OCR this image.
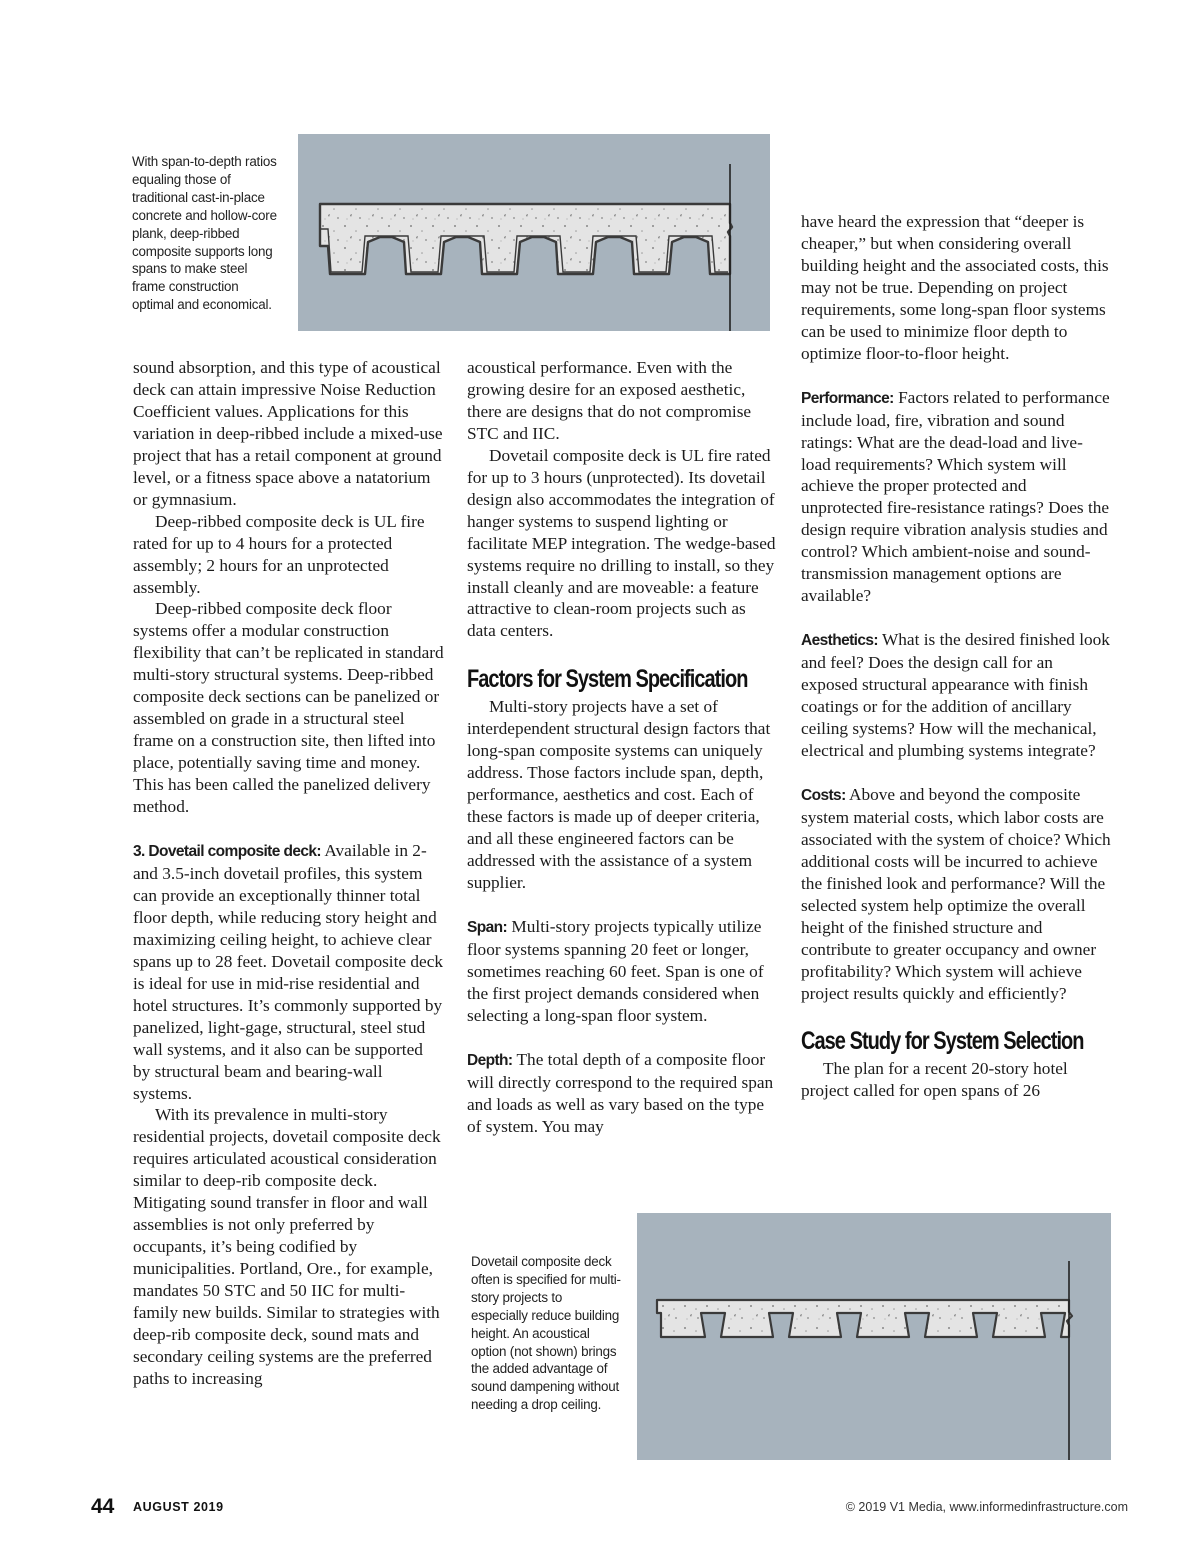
With span-to-depth ratios equaling those of traditional cast-in-place concrete and hollow-core plank, deep-ribbed composite supports long spans to make steel frame construction optimal and economical.

sound absorption, and this type of acoustical deck can attain impressive Noise Reduction Coefficient values. Applications for this variation in deep-ribbed include a mixed-use project that has a retail component at ground level, or a fitness space above a natatorium or gymnasium.

Deep-ribbed composite deck is UL fire rated for up to 4 hours for a protected assembly; 2 hours for an unprotected assembly.

Deep-ribbed composite deck floor systems offer a modular construction flexibility that can’t be replicated in standard multi-story structural systems. Deep-ribbed composite deck sections can be panelized or assembled on grade in a structural steel frame on a construction site, then lifted into place, potentially saving time and money. This has been called the panelized delivery method.

3. Dovetail composite deck: Available in 2- and 3.5-inch dovetail profiles, this system can provide an exceptionally thinner total floor depth, while reducing story height and maximizing ceiling height, to achieve clear spans up to 28 feet. Dovetail composite deck is ideal for use in mid-rise residential and hotel structures. It’s commonly supported by panelized, light-gage, structural, steel stud wall systems, and it also can be supported by structural beam and bearing-wall systems.

With its prevalence in multi-story residential projects, dovetail composite deck requires articulated acoustical consideration similar to deep-rib composite deck. Mitigating sound transfer in floor and wall assemblies is not only preferred by occupants, it’s being codified by municipalities. Portland, Ore., for example, mandates 50 STC and 50 IIC for multi-family new builds. Similar to strategies with deep-rib composite deck, sound mats and secondary ceiling systems are the preferred paths to increasing

acoustical performance. Even with the growing desire for an exposed aesthetic, there are designs that do not compromise STC and IIC.

Dovetail composite deck is UL fire rated for up to 3 hours (unprotected). Its dovetail design also accommodates the integration of hanger systems to suspend lighting or facilitate MEP integration. The wedge-based systems require no drilling to install, so they install cleanly and are moveable: a feature attractive to clean-room projects such as data centers.

Factors for System Specification

Multi-story projects have a set of interdependent structural design factors that long-span composite systems can uniquely address. Those factors include span, depth, performance, aesthetics and cost. Each of these factors is made up of deeper criteria, and all these engineered factors can be addressed with the assistance of a system supplier.

Span: Multi-story projects typically utilize floor systems spanning 20 feet or longer, sometimes reaching 60 feet. Span is one of the first project demands considered when selecting a long-span floor system.

Depth: The total depth of a composite floor will directly correspond to the required span and loads as well as vary based on the type of system. You may

have heard the expression that “deeper is cheaper,” but when considering overall building height and the associated costs, this may not be true. Depending on project requirements, some long-span floor systems can be used to minimize floor depth to optimize floor-to-floor height.

Performance: Factors related to performance include load, fire, vibration and sound ratings: What are the dead-load and live-load requirements? Which system will achieve the proper protected and unprotected fire-resistance ratings? Does the design require vibration analysis studies and control? Which ambient-noise and sound-transmission management options are available?

Aesthetics: What is the desired finished look and feel? Does the design call for an exposed structural appearance with finish coatings or for the addition of ancillary ceiling systems? How will the mechanical, electrical and plumbing systems integrate?

Costs: Above and beyond the composite system material costs, which labor costs are associated with the system of choice? Which additional costs will be incurred to achieve the finished look and performance? Will the selected system help optimize the overall height of the finished structure and contribute to greater occupancy and owner profitability? Which system will achieve project results quickly and efficiently?

Case Study for System Selection

The plan for a recent 20-story hotel project called for open spans of 26

Dovetail composite deck often is specified for multi-story projects to especially reduce building height. An acoustical option (not shown) brings the added advantage of sound dampening without needing a drop ceiling.

44 AUGUST 2019	© 2019 V1 Media, www.informedinfrastructure.com
